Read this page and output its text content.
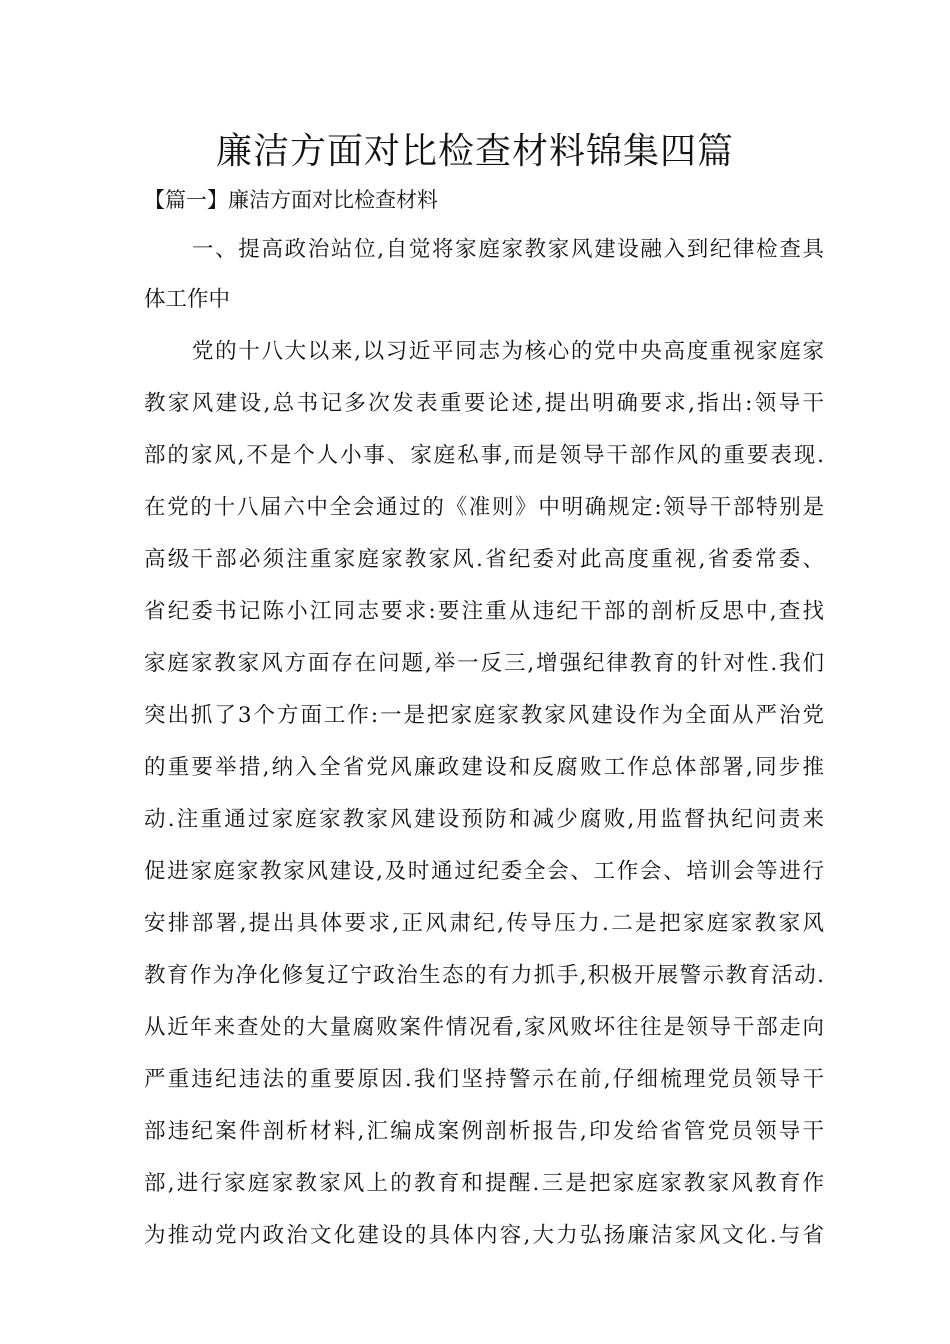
廉洁方面对比检查材料锦集四篇
【篇一】廉洁方面对比检查材料
一、提高政治站位,自觉将家庭家教家风建设融入到纪律检查具
体工作中
党的十八大以来,以习近平同志为核心的党中央高度重视家庭家
教家风建设,总书记多次发表重要论述,提出明确要求,指出:领导干
部的家风,不是个人小事、家庭私事,而是领导干部作风的重要表现.
在党的十八届六中全会通过的《准则》中明确规定:领导干部特别是
高级干部必须注重家庭家教家风.省纪委对此高度重视,省委常委、
省纪委书记陈小江同志要求:要注重从违纪干部的剖析反思中,查找
家庭家教家风方面存在问题,举一反三,增强纪律教育的针对性.我们
突出抓了3个方面工作:一是把家庭家教家风建设作为全面从严治党
的重要举措,纳入全省党风廉政建设和反腐败工作总体部署,同步推
动.注重通过家庭家教家风建设预防和减少腐败,用监督执纪问责来
促进家庭家教家风建设,及时通过纪委全会、工作会、培训会等进行
安排部署,提出具体要求,正风肃纪,传导压力.二是把家庭家教家风
教育作为净化修复辽宁政治生态的有力抓手,积极开展警示教育活动.
从近年来查处的大量腐败案件情况看,家风败坏往往是领导干部走向
严重违纪违法的重要原因.我们坚持警示在前,仔细梳理党员领导干
部违纪案件剖析材料,汇编成案例剖析报告,印发给省管党员领导干
部,进行家庭家教家风上的教育和提醒.三是把家庭家教家风教育作
为推动党内政治文化建设的具体内容,大力弘扬廉洁家风文化.与省
